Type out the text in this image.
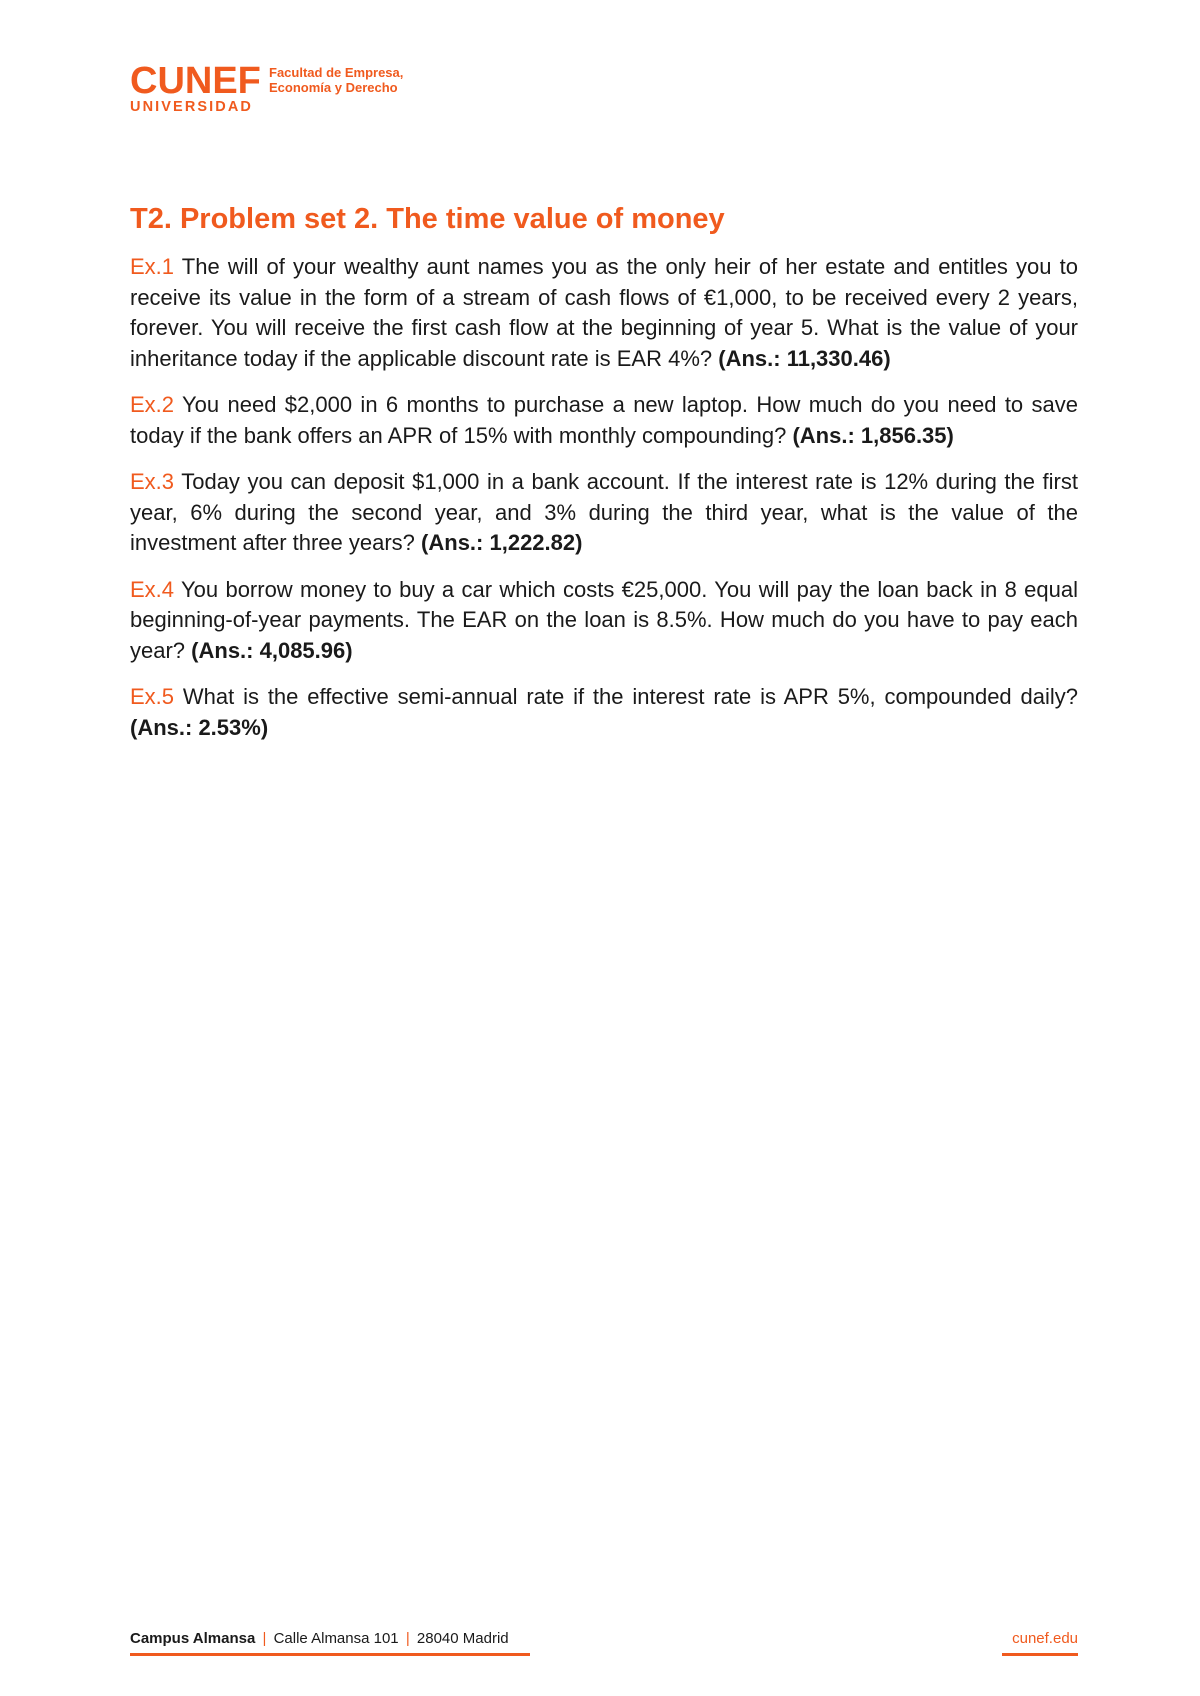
CUNEF
UNIVERSIDAD
Facultad de Empresa,
Economía y Derecho
T2. Problem set 2. The time value of money

Ex.1 The will of your wealthy aunt names you as the only heir of her estate and entitles you to receive its value in the form of a stream of cash flows of €1,000, to be received every 2 years, forever. You will receive the first cash flow at the beginning of year 5. What is the value of your inheritance today if the applicable discount rate is EAR 4%? (Ans.: 11,330.46)

Ex.2 You need $2,000 in 6 months to purchase a new laptop. How much do you need to save today if the bank offers an APR of 15% with monthly compounding? (Ans.: 1,856.35)

Ex.3 Today you can deposit $1,000 in a bank account. If the interest rate is 12% during the first year, 6% during the second year, and 3% during the third year, what is the value of the investment after three years? (Ans.: 1,222.82)

Ex.4 You borrow money to buy a car which costs €25,000. You will pay the loan back in 8 equal beginning-of-year payments. The EAR on the loan is 8.5%. How much do you have to pay each year? (Ans.: 4,085.96)

Ex.5 What is the effective semi-annual rate if the interest rate is APR 5%, compounded daily? (Ans.: 2.53%)

Campus Almansa | Calle Almansa 101 | 28040 Madrid	cunef.edu
